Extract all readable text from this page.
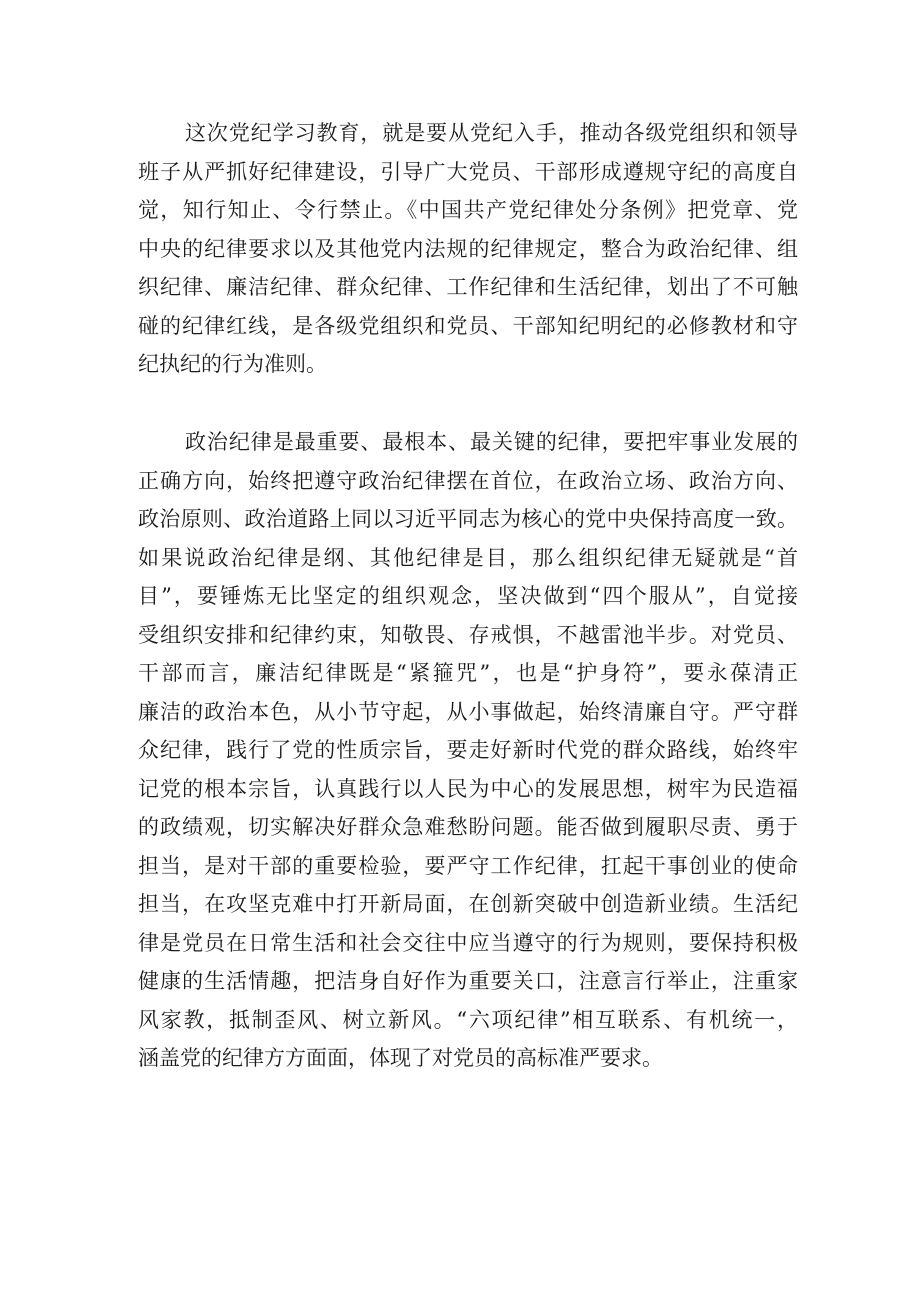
这次党纪学习教育，就是要从党纪入手，推动各级党组织和领导
班子从严抓好纪律建设，引导广大党员、干部形成遵规守纪的高度自
觉，知行知止、令行禁止。《中国共产党纪律处分条例》把党章、党
中央的纪律要求以及其他党内法规的纪律规定，整合为政治纪律、组
织纪律、廉洁纪律、群众纪律、工作纪律和生活纪律，划出了不可触
碰的纪律红线，是各级党组织和党员、干部知纪明纪的必修教材和守
纪执纪的行为准则。
政治纪律是最重要、最根本、最关键的纪律，要把牢事业发展的
正确方向，始终把遵守政治纪律摆在首位，在政治立场、政治方向、
政治原则、政治道路上同以习近平同志为核心的党中央保持高度一致。
如果说政治纪律是纲、其他纪律是目，那么组织纪律无疑就是“首
目”，要锤炼无比坚定的组织观念，坚决做到“四个服从”，自觉接
受组织安排和纪律约束，知敬畏、存戒惧，不越雷池半步。对党员、
干部而言，廉洁纪律既是“紧箍咒”，也是“护身符”，要永葆清正
廉洁的政治本色，从小节守起，从小事做起，始终清廉自守。严守群
众纪律，践行了党的性质宗旨，要走好新时代党的群众路线，始终牢
记党的根本宗旨，认真践行以人民为中心的发展思想，树牢为民造福
的政绩观，切实解决好群众急难愁盼问题。能否做到履职尽责、勇于
担当，是对干部的重要检验，要严守工作纪律，扛起干事创业的使命
担当，在攻坚克难中打开新局面，在创新突破中创造新业绩。生活纪
律是党员在日常生活和社会交往中应当遵守的行为规则，要保持积极
健康的生活情趣，把洁身自好作为重要关口，注意言行举止，注重家
风家教，抵制歪风、树立新风。“六项纪律”相互联系、有机统一，
涵盖党的纪律方方面面，体现了对党员的高标准严要求。
